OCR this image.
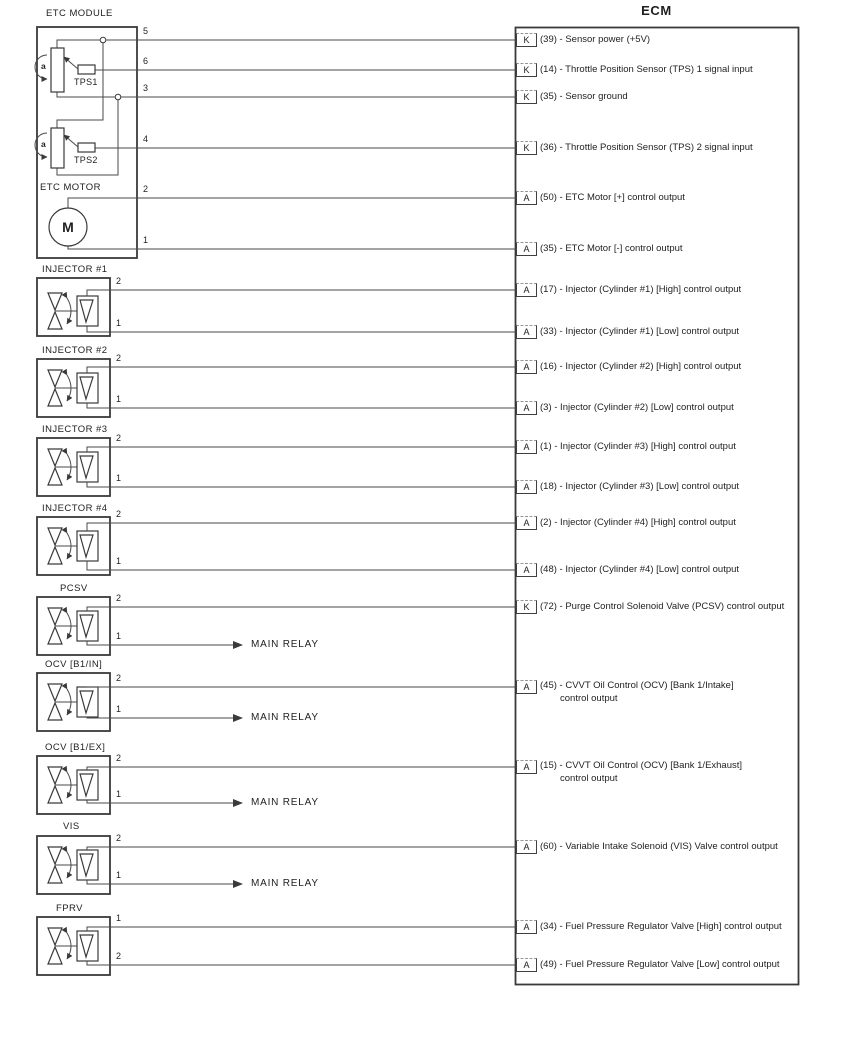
ECM
K	(39) - Sensor power (+5V)
K	(14) - Throttle Position Sensor (TPS) 1 signal input
K	(35) - Sensor ground
K	(36) - Throttle Position Sensor (TPS) 2 signal input
A	(50) - ETC Motor [+] control output
A	(35) - ETC Motor [-] control output
A	(17) - Injector (Cylinder #1) [High] control output
A	(33) - Injector (Cylinder #1) [Low] control output
A	(16) - Injector (Cylinder #2) [High] control output
A	(3) - Injector (Cylinder #2) [Low] control output
A	(1) - Injector (Cylinder #3) [High] control output
A	(18) - Injector (Cylinder #3) [Low] control output
A	(2) - Injector (Cylinder #4) [High] control output
A	(48) - Injector (Cylinder #4) [Low] control output
K	(72) - Purge Control Solenoid Valve (PCSV) control output
A	(45) - CVVT Oil Control (OCV) [Bank 1/Intake]
control output
A	(15) - CVVT Oil Control (OCV) [Bank 1/Exhaust]
control output
A	(60) - Variable Intake Solenoid (VIS) Valve control output
A	(34) - Fuel Pressure Regulator Valve [High] control output
A	(49) - Fuel Pressure Regulator Valve [Low] control output
ETC MODULE
INJECTOR #1
INJECTOR #2
INJECTOR #3
INJECTOR #4
PCSV
OCV [B1/IN]
OCV [B1/EX]
VIS
FPRV
TPS1
TPS2
ETC MOTOR
M
a
a
5
6
3
4
2
1
2
1
2
1
2
1
2
1
2
1
2
1
2
1
2
1
1
2
MAIN RELAY
MAIN RELAY
MAIN RELAY
MAIN RELAY
